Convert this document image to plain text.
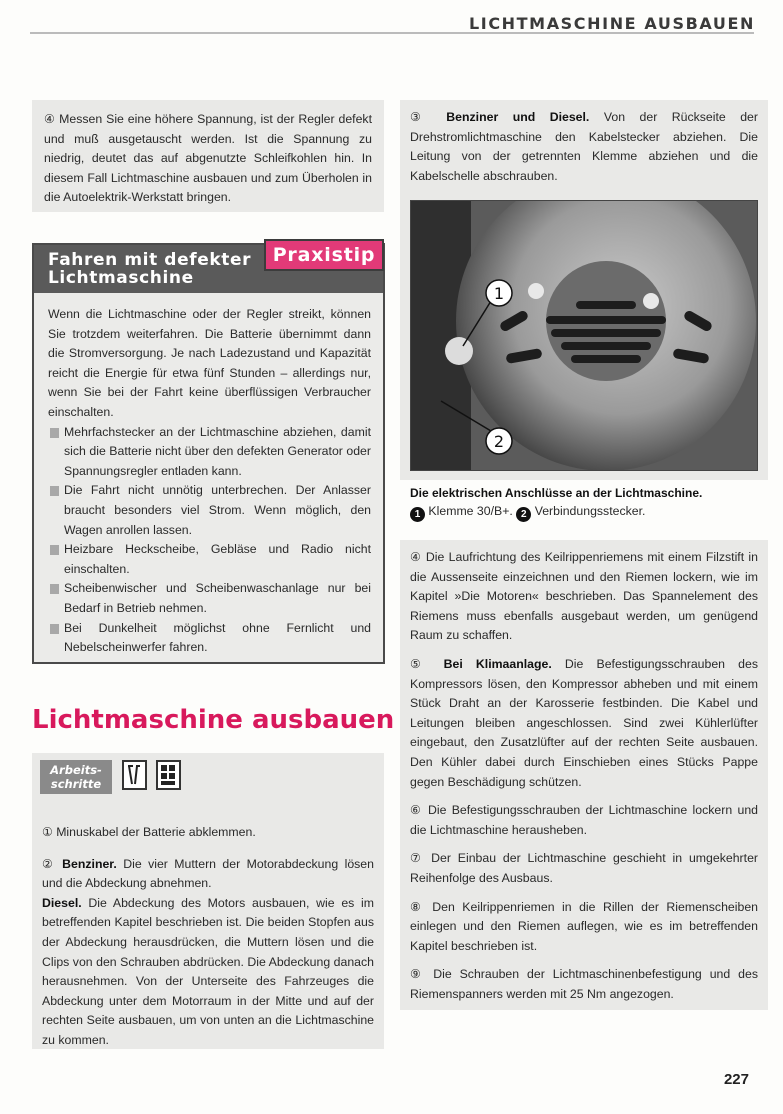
LICHTMASCHINE AUSBAUEN

④ Messen Sie eine höhere Spannung, ist der Regler defekt und muß ausgetauscht werden. Ist die Spannung zu niedrig, deutet das auf abgenutzte Schleifkohlen hin. In diesem Fall Lichtmaschine ausbauen und zum Überholen in die Autoelektrik-Werkstatt bringen.

Fahren mit defekter Lichtmaschine
Praxistip

Wenn die Lichtmaschine oder der Regler streikt, können Sie trotzdem weiterfahren. Die Batterie übernimmt dann die Stromversorgung. Je nach Ladezustand und Kapazität reicht die Energie für etwa fünf Stunden – allerdings nur, wenn Sie bei der Fahrt keine überflüssigen Verbraucher einschalten.

Mehrfachstecker an der Lichtmaschine abziehen, damit sich die Batterie nicht über den defekten Generator oder Spannungsregler entladen kann.

Die Fahrt nicht unnötig unterbrechen. Der Anlasser braucht besonders viel Strom. Wenn möglich, den Wagen anrollen lassen.

Heizbare Heckscheibe, Gebläse und Radio nicht einschalten.

Scheibenwischer und Scheibenwaschanlage nur bei Bedarf in Betrieb nehmen.

Bei Dunkelheit möglichst ohne Fernlicht und Nebelscheinwerfer fahren.

Lichtmaschine ausbauen
Arbeits-schritte

① Minuskabel der Batterie abklemmen.

② Benziner. Die vier Muttern der Motorabdeckung lösen und die Abdeckung abnehmen.

Diesel. Die Abdeckung des Motors ausbauen, wie es im betreffenden Kapitel beschrieben ist. Die beiden Stopfen aus der Abdeckung herausdrücken, die Muttern lösen und die Clips von den Schrauben abdrücken. Die Abdeckung danach herausnehmen. Von der Unterseite des Fahrzeuges die Abdeckung unter dem Motorraum in der Mitte und auf der rechten Seite ausbauen, um von unten an die Lichtmaschine zu kommen.

③ Benziner und Diesel. Von der Rückseite der Drehstromlichtmaschine den Kabelstecker abziehen. Die Leitung von der getrennten Klemme abziehen und die Kabelschelle abschrauben.

1
2
Die elektrischen Anschlüsse an der Lichtmaschine.
1 Klemme 30/B+. 2 Verbindungsstecker.

④ Die Laufrichtung des Keilrippenriemens mit einem Filzstift in die Aussenseite einzeichnen und den Riemen lockern, wie im Kapitel »Die Motoren« beschrieben. Das Spannelement des Riemens muss ebenfalls ausgebaut werden, um genügend Raum zu schaffen.

⑤ Bei Klimaanlage. Die Befestigungsschrauben des Kompressors lösen, den Kompressor abheben und mit einem Stück Draht an der Karosserie festbinden. Die Kabel und Leitungen bleiben angeschlossen. Sind zwei Kühlerlüfter eingebaut, den Zusatzlüfter auf der rechten Seite ausbauen. Den Kühler dabei durch Einschieben eines Stücks Pappe gegen Beschädigung schützen.

⑥ Die Befestigungsschrauben der Lichtmaschine lockern und die Lichtmaschine herausheben.

⑦ Der Einbau der Lichtmaschine geschieht in umgekehrter Reihenfolge des Ausbaus.

⑧ Den Keilrippenriemen in die Rillen der Riemenscheiben einlegen und den Riemen auflegen, wie es im betreffenden Kapitel beschrieben ist.

⑨ Die Schrauben der Lichtmaschinenbefestigung und des Riemenspanners werden mit 25 Nm angezogen.

227
